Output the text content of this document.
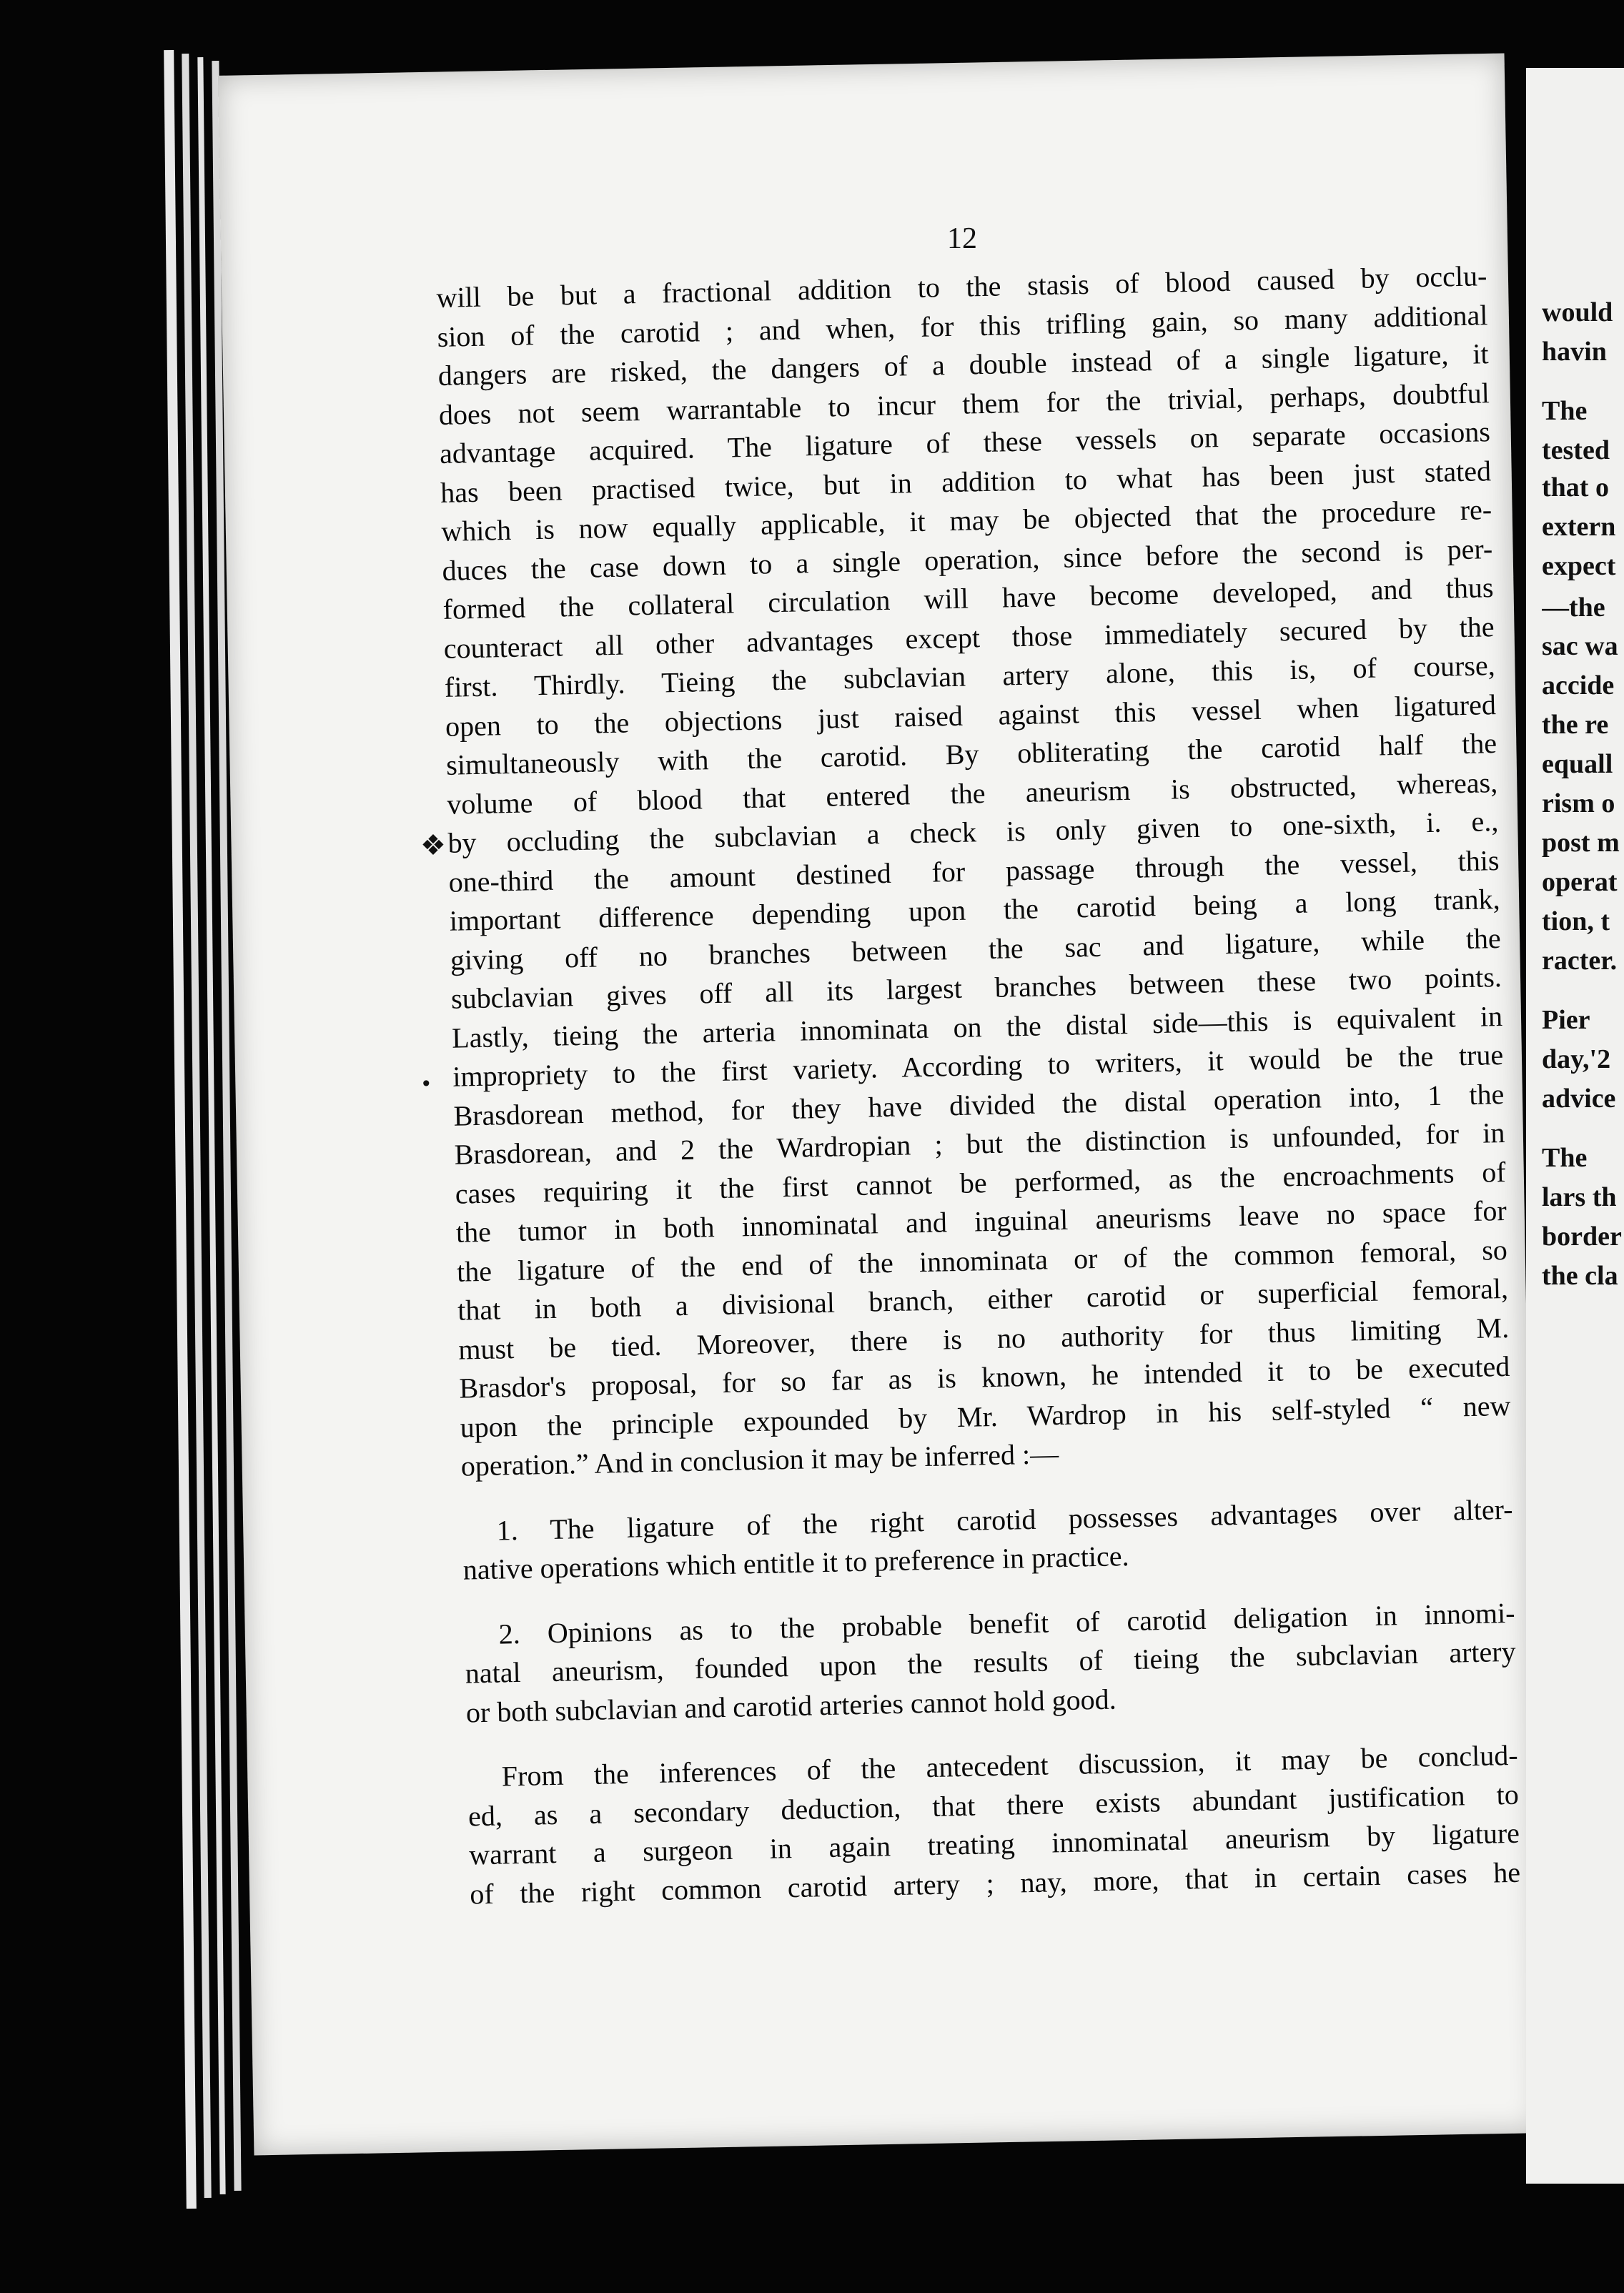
would
havin
The
tested
that o
extern
expect
—the
sac wa
accide
the re
equall
rism o
post m
operat
tion, t
racter.
Pier
day,'2
advice
The
lars th
border
the cla
12
❖
•
will be but a fractional addition to the stasis of blood caused by occlu-
sion of the carotid ; and when, for this trifling gain, so many additional
dangers are risked, the dangers of a double instead of a single ligature, it
does not seem warrantable to incur them for the trivial, perhaps, doubtful
advantage acquired. The ligature of these vessels on separate occasions
has been practised twice, but in addition to what has been just stated
which is now equally applicable, it may be objected that the procedure re-
duces the case down to a single operation, since before the second is per-
formed the collateral circulation will have become developed, and thus
counteract all other advantages except those immediately secured by the
first. Thirdly. Tieing the subclavian artery alone, this is, of course,
open to the objections just raised against this vessel when ligatured
simultaneously with the carotid. By obliterating the carotid half the
volume of blood that entered the aneurism is obstructed, whereas,
by occluding the subclavian a check is only given to one-sixth, i. e.,
one-third the amount destined for passage through the vessel, this
important difference depending upon the carotid being a long trank,
giving off no branches between the sac and ligature, while the
subclavian gives off all its largest branches between these two points.
Lastly, tieing the arteria innominata on the distal side—this is equivalent in
impropriety to the first variety. According to writers, it would be the true
Brasdorean method, for they have divided the distal operation into, 1 the
Brasdorean, and 2 the Wardropian ; but the distinction is unfounded, for in
cases requiring it the first cannot be performed, as the encroachments of
the tumor in both innominatal and inguinal aneurisms leave no space for
the ligature of the end of the innominata or of the common femoral, so
that in both a divisional branch, either carotid or superficial femoral,
must be tied. Moreover, there is no authority for thus limiting M.
Brasdor's proposal, for so far as is known, he intended it to be executed
upon the principle expounded by Mr. Wardrop in his self-styled “ new
operation.” And in conclusion it may be inferred :—
1. The ligature of the right carotid possesses advantages over alter-
native operations which entitle it to preference in practice.
2. Opinions as to the probable benefit of carotid deligation in innomi-
natal aneurism, founded upon the results of tieing the subclavian artery
or both subclavian and carotid arteries cannot hold good.
From the inferences of the antecedent discussion, it may be conclud-
ed, as a secondary deduction, that there exists abundant justification to
warrant a surgeon in again treating innominatal aneurism by ligature
of the right common carotid artery ; nay, more, that in certain cases he
